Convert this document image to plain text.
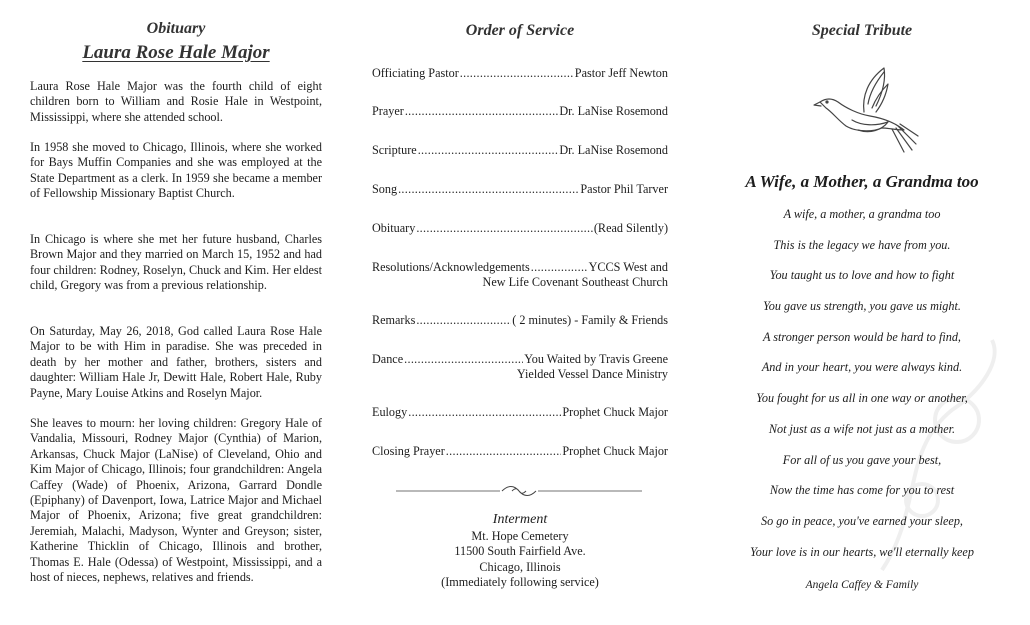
Obituary
Laura Rose Hale Major

Laura Rose Hale Major was the fourth child of eight children born to William and Rosie Hale in Westpoint, Mississippi, where she attended school.

In 1958 she moved to Chicago, Illinois, where she worked for Bays Muffin Companies and she was employed at the State Department as a clerk. In 1959 she became a member of Fellowship Missionary Baptist Church.

In Chicago is where she met her future husband, Charles Brown Major and they married on March 15, 1952 and had four children: Rodney, Roselyn, Chuck and Kim. Her eldest child, Gregory was from a previous relationship.

On Saturday, May 26, 2018, God called Laura Rose Hale Major to be with Him in paradise. She was preceded in death by her mother and father, brothers, sisters and daughter: William Hale Jr, Dewitt Hale, Robert Hale, Ruby Payne, Mary Louise Atkins and Roselyn Major.

She leaves to mourn: her loving children: Gregory Hale of Vandalia, Missouri, Rodney Major (Cynthia) of Marion, Arkansas, Chuck Major (LaNise) of Cleveland, Ohio and Kim Major of Chicago, Illinois; four grandchildren: Angela Caffey (Wade) of Phoenix, Arizona, Garrard Dondle (Epiphany) of Davenport, Iowa, Latrice Major and Michael Major of Phoenix, Arizona; five great grandchildren: Jeremiah, Malachi, Madyson, Wynter and Greyson; sister, Katherine Thicklin of Chicago, Illinois and brother, Thomas E. Hale (Odessa) of Westpoint, Mississippi, and a host of nieces, nephews, relatives and friends.

Order of Service
Officiating Pastor .....	Pastor Jeff Newton
Prayer .....	Dr. LaNise Rosemond
Scripture .....	Dr. LaNise Rosemond
Song .....	Pastor Phil Tarver
Obituary .....	(Read Silently)
Resolutions/Acknowledgements .....	YCCS West and
New Life Covenant Southeast Church
Remarks .....	( 2 minutes) - Family & Friends
Dance .....	You Waited by Travis Greene
Yielded Vessel Dance Ministry
Eulogy .....	Prophet Chuck Major
Closing Prayer .....	Prophet Chuck Major
Interment
Mt. Hope Cemetery
11500 South Fairfield Ave.
Chicago, Illinois
(Immediately following service)
Special Tribute
A Wife, a Mother, a Grandma too
A wife, a mother, a grandma too
This is the legacy we have from you.
You taught us to love and how to fight
You gave us strength, you gave us might.
A stronger person would be hard to find,
And in your heart, you were always kind.
You fought for us all in one way or another,
Not just as a wife not just as a mother.
For all of us you gave your best,
Now the time has come for you to rest
So go in peace, you've earned your sleep,
Your love is in our hearts, we'll eternally keep
Angela Caffey & Family
